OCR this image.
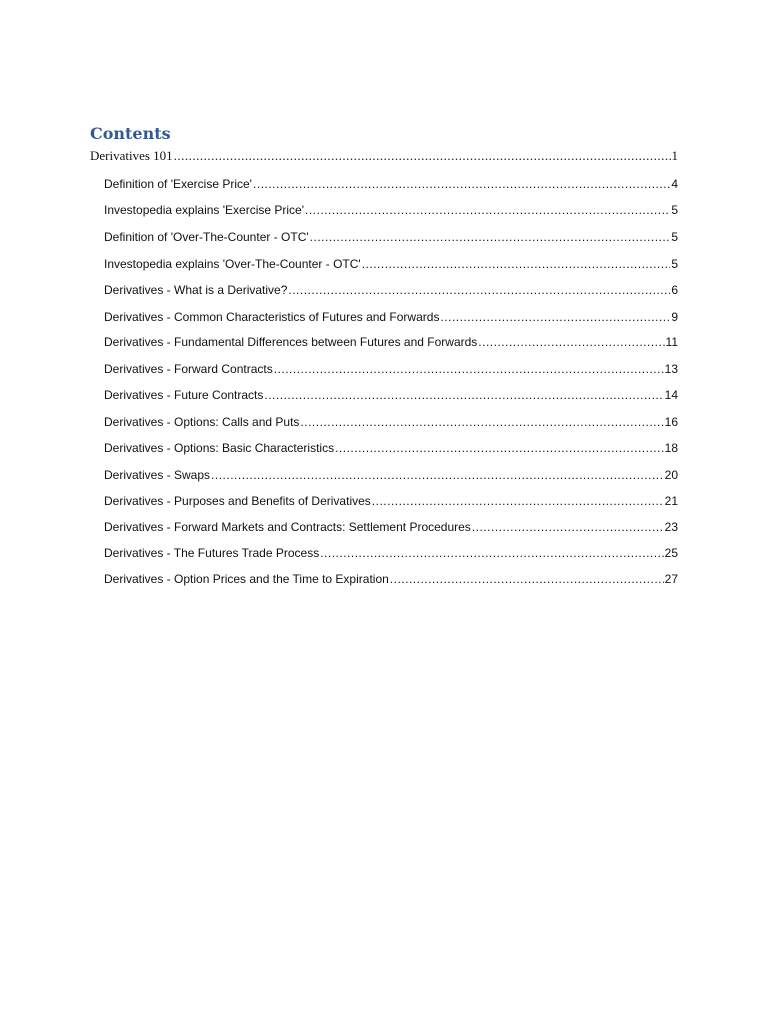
Contents
Derivatives 101 .....	1
Definition of 'Exercise Price' .....	4
Investopedia explains 'Exercise Price' .....	5
Definition of 'Over-The-Counter - OTC' .....	5
Investopedia explains 'Over-The-Counter - OTC' .....	5
Derivatives - What is a Derivative? .....	6
Derivatives - Common Characteristics of Futures and Forwards .....	9
Derivatives - Fundamental Differences between Futures and Forwards .....	11
Derivatives - Forward Contracts .....	13
Derivatives - Future Contracts .....	14
Derivatives - Options: Calls and Puts .....	16
Derivatives - Options: Basic Characteristics .....	18
Derivatives - Swaps .....	20
Derivatives - Purposes and Benefits of Derivatives .....	21
Derivatives - Forward Markets and Contracts: Settlement Procedures .....	23
Derivatives - The Futures Trade Process .....	25
Derivatives - Option Prices and the Time to Expiration .....	27
